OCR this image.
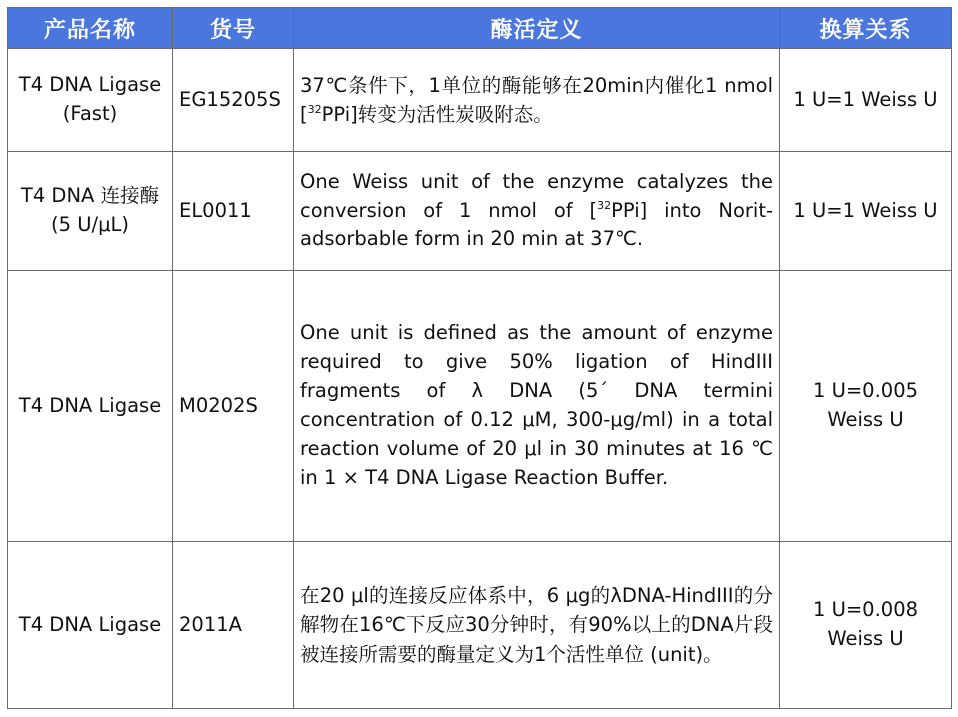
产品名称	货号	酶活定义	换算关系
T4 DNA Ligase (Fast)	EG15205S	37℃条件下，1单位的酶能够在20min内催化1 nmol [$^{32}$PPi]转变为活性炭吸附态。	1 U=1 Weiss U
T4 DNA 连接酶 (5 U/μL)	EL0011	One Weiss unit of the enzyme catalyzes the conversion of 1 nmol of [$^{32}$PPi] into Norit-adsorbable form in 20 min at 37℃.	1 U=1 Weiss U
T4 DNA Ligase	M0202S	One unit is defined as the amount of enzyme required to give 50% ligation of HindIII fragments of λ DNA (5´ DNA termini concentration of 0.12 μM, 300-μg/ml) in a total reaction volume of 20 μl in 30 minutes at 16 ℃ in 1 × T4 DNA Ligase Reaction Buffer.	1 U=0.005 Weiss U
T4 DNA Ligase	2011A	在20 μl的连接反应体系中，6 μg的λDNA-HindIII的分解物在16℃下反应30分钟时，有90%以上的DNA片段被连接所需要的酶量定义为1个活性单位 (unit)。	1 U=0.008 Weiss U
